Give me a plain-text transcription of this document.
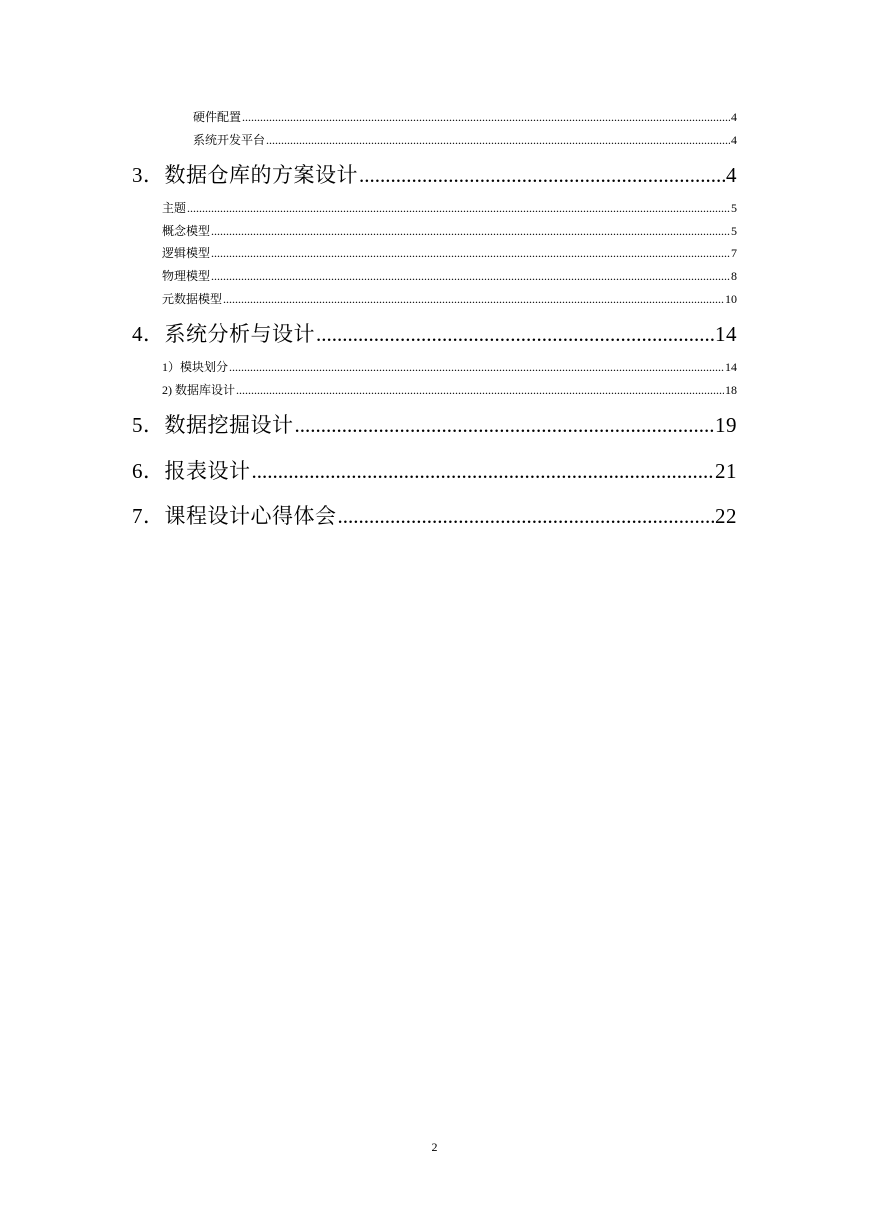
硬件配置 .....	4
系统开发平台 .....	4
3．数据仓库的方案设计 .....	4
主题 .....	5
概念模型 .....	5
逻辑模型 .....	7
物理模型 .....	8
元数据模型 .....	10
4．系统分析与设计 .....	14
1）模块划分 .....	14
2) 数据库设计 .....	18
5．数据挖掘设计 .....	19
6．报表设计 .....	21
7．课程设计心得体会 .....	22
2
